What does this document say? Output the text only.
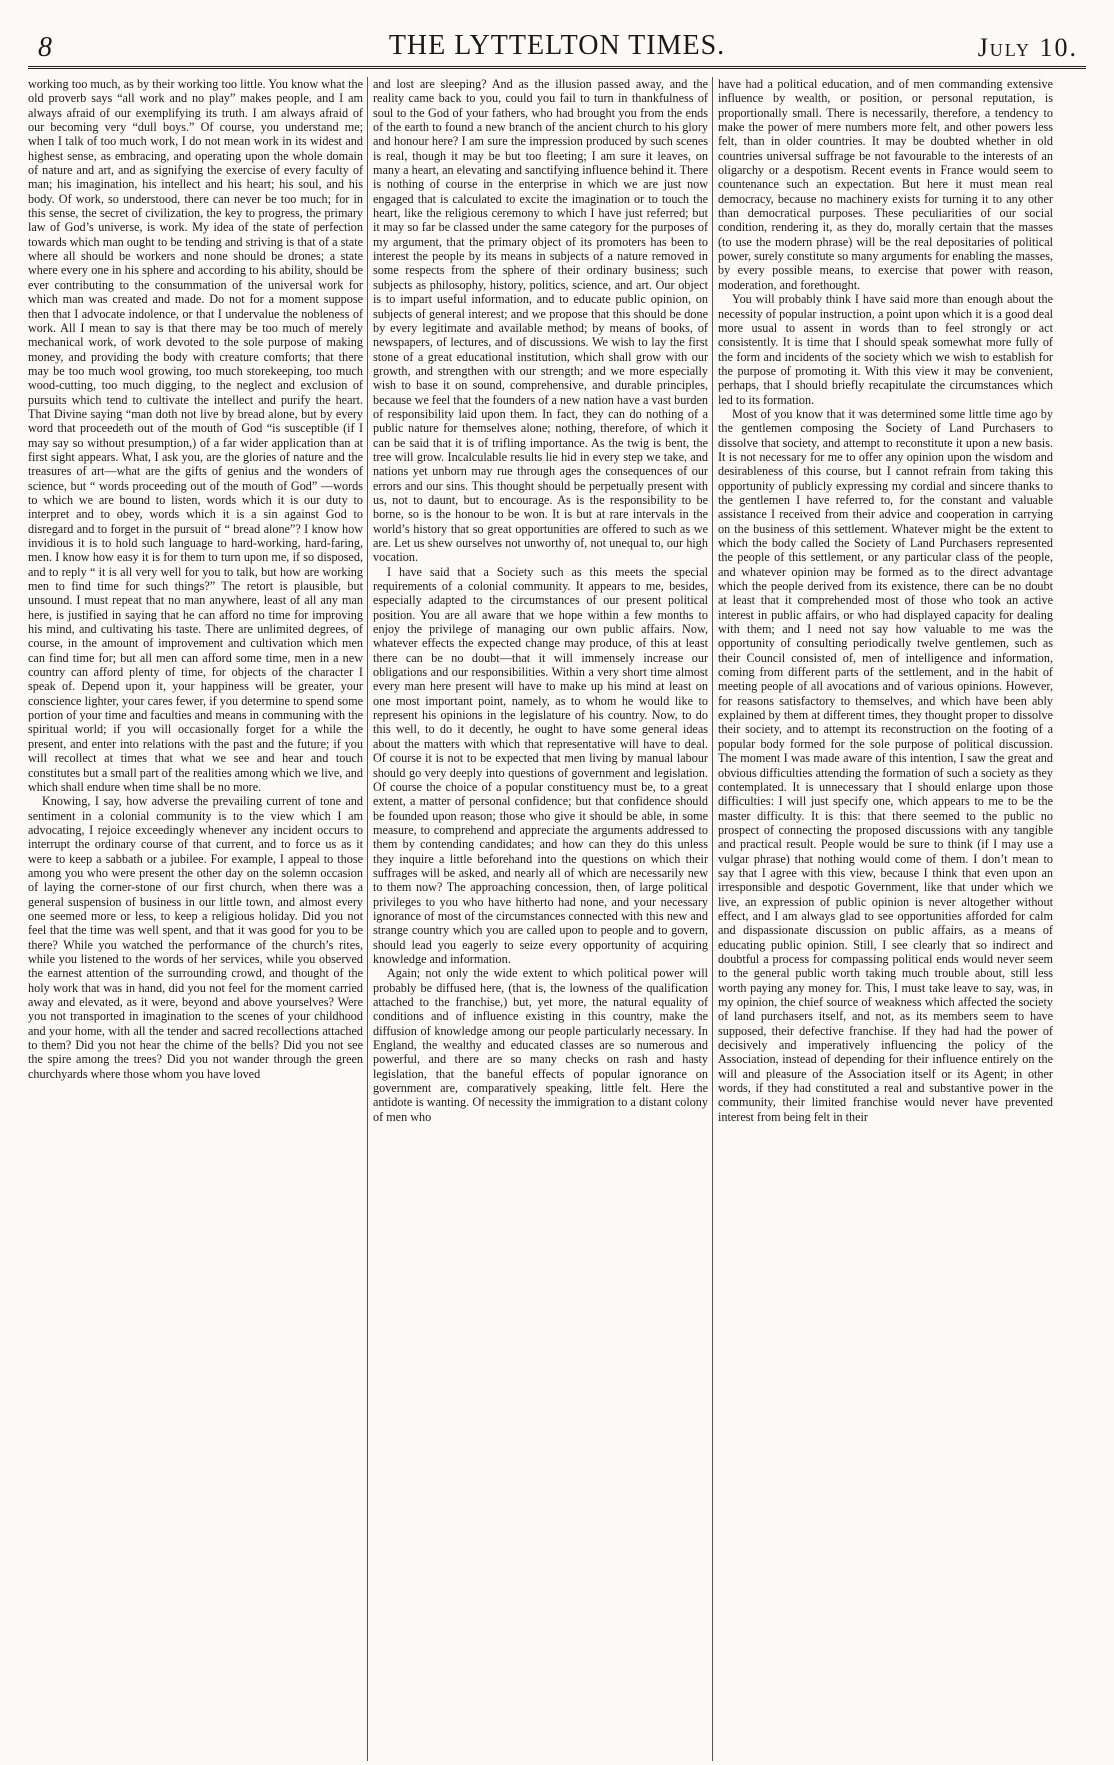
8	THE LYTTELTON TIMES.	July 10.

working too much, as by their working too little. You know what the old proverb says “all work and no play” makes people, and I am always afraid of our exemplifying its truth. I am always afraid of our becoming very “dull boys.” Of course, you understand me; when I talk of too much work, I do not mean work in its widest and highest sense, as embracing, and operating upon the whole domain of nature and art, and as signifying the exercise of every faculty of man; his imagination, his intellect and his heart; his soul, and his body. Of work, so understood, there can never be too much; for in this sense, the secret of civilization, the key to progress, the primary law of God’s universe, is work. My idea of the state of perfection towards which man ought to be tending and striving is that of a state where all should be workers and none should be drones; a state where every one in his sphere and according to his ability, should be ever contributing to the consummation of the universal work for which man was created and made. Do not for a moment suppose then that I advocate indolence, or that I undervalue the nobleness of work. All I mean to say is that there may be too much of merely mechanical work, of work devoted to the sole purpose of making money, and providing the body with creature comforts; that there may be too much wool growing, too much storekeeping, too much wood-cutting, too much digging, to the neglect and exclusion of pursuits which tend to cultivate the intellect and purify the heart. That Divine saying “man doth not live by bread alone, but by every word that proceedeth out of the mouth of God “is susceptible (if I may say so without presumption,) of a far wider application than at first sight appears. What, I ask you, are the glories of nature and the treasures of art—what are the gifts of genius and the wonders of science, but “ words proceeding out of the mouth of God” —words to which we are bound to listen, words which it is our duty to interpret and to obey, words which it is a sin against God to disregard and to forget in the pursuit of “ bread alone”? I know how invidious it is to hold such language to hard-working, hard-faring, men. I know how easy it is for them to turn upon me, if so disposed, and to reply “ it is all very well for you to talk, but how are working men to find time for such things?” The retort is plausible, but unsound. I must repeat that no man anywhere, least of all any man here, is justified in saying that he can afford no time for improving his mind, and cultivating his taste. There are unlimited degrees, of course, in the amount of improvement and cultivation which men can find time for; but all men can afford some time, men in a new country can afford plenty of time, for objects of the character I speak of. Depend upon it, your happiness will be greater, your conscience lighter, your cares fewer, if you determine to spend some portion of your time and faculties and means in communing with the spiritual world; if you will occasionally forget for a while the present, and enter into relations with the past and the future; if you will recollect at times that what we see and hear and touch constitutes but a small part of the realities among which we live, and which shall endure when time shall be no more.

Knowing, I say, how adverse the prevailing current of tone and sentiment in a colonial community is to the view which I am advocating, I rejoice exceedingly whenever any incident occurs to interrupt the ordinary course of that current, and to force us as it were to keep a sabbath or a jubilee. For example, I appeal to those among you who were present the other day on the solemn occasion of laying the corner-stone of our first church, when there was a general suspension of business in our little town, and almost every one seemed more or less, to keep a religious holiday. Did you not feel that the time was well spent, and that it was good for you to be there? While you watched the performance of the church’s rites, while you listened to the words of her services, while you observed the earnest attention of the surrounding crowd, and thought of the holy work that was in hand, did you not feel for the moment carried away and elevated, as it were, beyond and above yourselves? Were you not transported in imagination to the scenes of your childhood and your home, with all the tender and sacred recollections attached to them? Did you not hear the chime of the bells? Did you not see the spire among the trees? Did you not wander through the green churchyards where those whom you have loved

and lost are sleeping? And as the illusion passed away, and the reality came back to you, could you fail to turn in thankfulness of soul to the God of your fathers, who had brought you from the ends of the earth to found a new branch of the ancient church to his glory and honour here? I am sure the impression produced by such scenes is real, though it may be but too fleeting; I am sure it leaves, on many a heart, an elevating and sanctifying influence behind it. There is nothing of course in the enterprise in which we are just now engaged that is calculated to excite the imagination or to touch the heart, like the religious ceremony to which I have just referred; but it may so far be classed under the same category for the purposes of my argument, that the primary object of its promoters has been to interest the people by its means in subjects of a nature removed in some respects from the sphere of their ordinary business; such subjects as philosophy, history, politics, science, and art. Our object is to impart useful information, and to educate public opinion, on subjects of general interest; and we propose that this should be done by every legitimate and available method; by means of books, of newspapers, of lectures, and of discussions. We wish to lay the first stone of a great educational institution, which shall grow with our growth, and strengthen with our strength; and we more especially wish to base it on sound, comprehensive, and durable principles, because we feel that the founders of a new nation have a vast burden of responsibility laid upon them. In fact, they can do nothing of a public nature for themselves alone; nothing, therefore, of which it can be said that it is of trifling importance. As the twig is bent, the tree will grow. Incalculable results lie hid in every step we take, and nations yet unborn may rue through ages the consequences of our errors and our sins. This thought should be perpetually present with us, not to daunt, but to encourage. As is the responsibility to be borne, so is the honour to be won. It is but at rare intervals in the world’s history that so great opportunities are offered to such as we are. Let us shew ourselves not unworthy of, not unequal to, our high vocation.

I have said that a Society such as this meets the special requirements of a colonial community. It appears to me, besides, especially adapted to the circumstances of our present political position. You are all aware that we hope within a few months to enjoy the privilege of managing our own public affairs. Now, whatever effects the expected change may produce, of this at least there can be no doubt—that it will immensely increase our obligations and our responsibilities. Within a very short time almost every man here present will have to make up his mind at least on one most important point, namely, as to whom he would like to represent his opinions in the legislature of his country. Now, to do this well, to do it decently, he ought to have some general ideas about the matters with which that representative will have to deal. Of course it is not to be expected that men living by manual labour should go very deeply into questions of government and legislation. Of course the choice of a popular constituency must be, to a great extent, a matter of personal confidence; but that confidence should be founded upon reason; those who give it should be able, in some measure, to comprehend and appreciate the arguments addressed to them by contending candidates; and how can they do this unless they inquire a little beforehand into the questions on which their suffrages will be asked, and nearly all of which are necessarily new to them now? The approaching concession, then, of large political privileges to you who have hitherto had none, and your necessary ignorance of most of the circumstances connected with this new and strange country which you are called upon to people and to govern, should lead you eagerly to seize every opportunity of acquiring knowledge and information.

Again; not only the wide extent to which political power will probably be diffused here, (that is, the lowness of the qualification attached to the franchise,) but, yet more, the natural equality of conditions and of influence existing in this country, make the diffusion of knowledge among our people particularly necessary. In England, the wealthy and educated classes are so numerous and powerful, and there are so many checks on rash and hasty legislation, that the baneful effects of popular ignorance on government are, comparatively speaking, little felt. Here the antidote is wanting. Of necessity the immigration to a distant colony of men who

have had a political education, and of men commanding extensive influence by wealth, or position, or personal reputation, is proportionally small. There is necessarily, therefore, a tendency to make the power of mere numbers more felt, and other powers less felt, than in older countries. It may be doubted whether in old countries universal suffrage be not favourable to the interests of an oligarchy or a despotism. Recent events in France would seem to countenance such an expectation. But here it must mean real democracy, because no machinery exists for turning it to any other than democratical purposes. These peculiarities of our social condition, rendering it, as they do, morally certain that the masses (to use the modern phrase) will be the real depositaries of political power, surely constitute so many arguments for enabling the masses, by every possible means, to exercise that power with reason, moderation, and forethought.

You will probably think I have said more than enough about the necessity of popular instruction, a point upon which it is a good deal more usual to assent in words than to feel strongly or act consistently. It is time that I should speak somewhat more fully of the form and incidents of the society which we wish to establish for the purpose of promoting it. With this view it may be convenient, perhaps, that I should briefly recapitulate the circumstances which led to its formation.

Most of you know that it was determined some little time ago by the gentlemen composing the Society of Land Purchasers to dissolve that society, and attempt to reconstitute it upon a new basis. It is not necessary for me to offer any opinion upon the wisdom and desirableness of this course, but I cannot refrain from taking this opportunity of publicly expressing my cordial and sincere thanks to the gentlemen I have referred to, for the constant and valuable assistance I received from their advice and cooperation in carrying on the business of this settlement. Whatever might be the extent to which the body called the Society of Land Purchasers represented the people of this settlement, or any particular class of the people, and whatever opinion may be formed as to the direct advantage which the people derived from its existence, there can be no doubt at least that it comprehended most of those who took an active interest in public affairs, or who had displayed capacity for dealing with them; and I need not say how valuable to me was the opportunity of consulting periodically twelve gentlemen, such as their Council consisted of, men of intelligence and information, coming from different parts of the settlement, and in the habit of meeting people of all avocations and of various opinions. However, for reasons satisfactory to themselves, and which have been ably explained by them at different times, they thought proper to dissolve their society, and to attempt its reconstruction on the footing of a popular body formed for the sole purpose of political discussion. The moment I was made aware of this intention, I saw the great and obvious difficulties attending the formation of such a society as they contemplated. It is unnecessary that I should enlarge upon those difficulties: I will just specify one, which appears to me to be the master difficulty. It is this: that there seemed to the public no prospect of connecting the proposed discussions with any tangible and practical result. People would be sure to think (if I may use a vulgar phrase) that nothing would come of them. I don’t mean to say that I agree with this view, because I think that even upon an irresponsible and despotic Government, like that under which we live, an expression of public opinion is never altogether without effect, and I am always glad to see opportunities afforded for calm and dispassionate discussion on public affairs, as a means of educating public opinion. Still, I see clearly that so indirect and doubtful a process for compassing political ends would never seem to the general public worth taking much trouble about, still less worth paying any money for. This, I must take leave to say, was, in my opinion, the chief source of weakness which affected the society of land purchasers itself, and not, as its members seem to have supposed, their defective franchise. If they had had the power of decisively and imperatively influencing the policy of the Association, instead of depending for their influence entirely on the will and pleasure of the Association itself or its Agent; in other words, if they had constituted a real and substantive power in the community, their limited franchise would never have prevented interest from being felt in their
